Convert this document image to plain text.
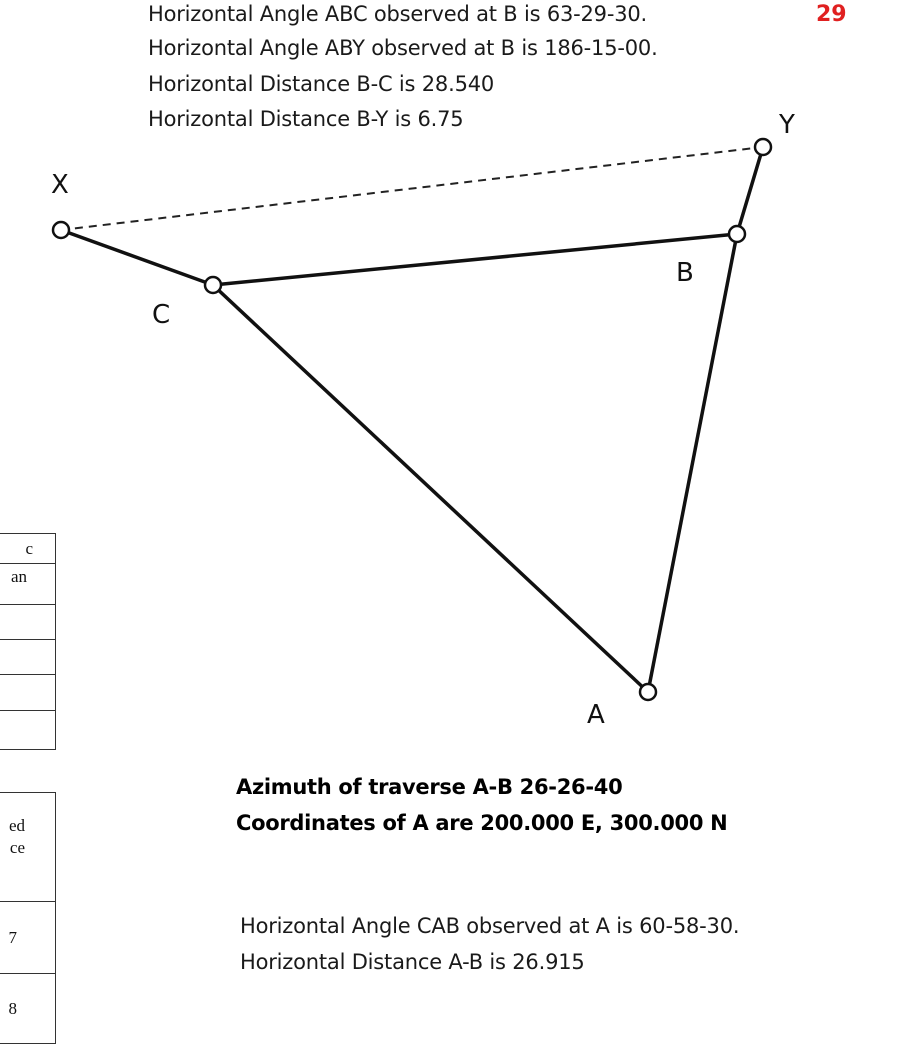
Horizontal Angle ABC observed at B is 63-29-30.
Horizontal Angle ABY observed at B is 186-15-00.
Horizontal Distance B-C is 28.540
Horizontal Distance B-Y is 6.75
29
X
Y
B
C
A
Azimuth of traverse A-B 26-26-40
Coordinates of A are 200.000 E, 300.000 N
Horizontal Angle CAB observed at A is 60-58-30.
Horizontal Distance A-B is 26.915
c
an
ed
ce
7
8
